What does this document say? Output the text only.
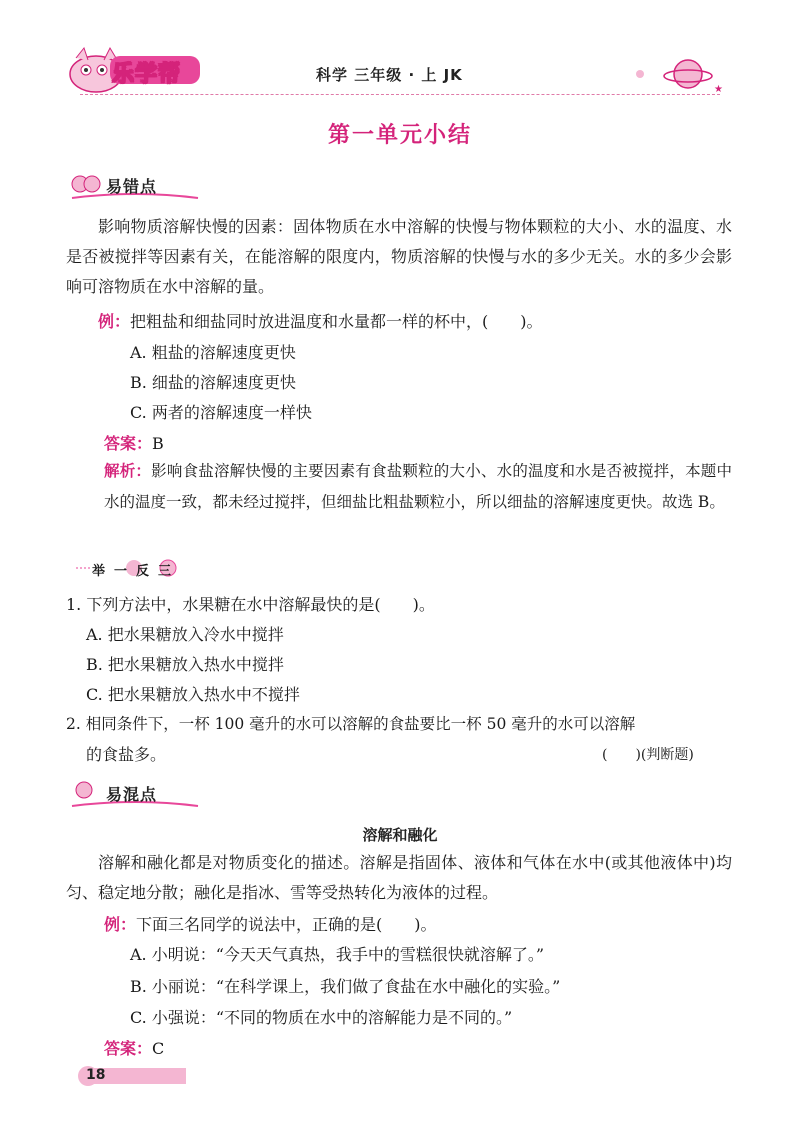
乐学帮	科学 三年级 · 上 JK
★
第一单元小结
易错点
影响物质溶解快慢的因素：固体物质在水中溶解的快慢与物体颗粒的大小、水的温度、水是否被搅拌等因素有关，在能溶解的限度内，物质溶解的快慢与水的多少无关。水的多少会影响可溶物质在水中溶解的量。
例：把粗盐和细盐同时放进温度和水量都一样的杯中，(　　)。
A. 粗盐的溶解速度更快
B. 细盐的溶解速度更快
C. 两者的溶解速度一样快
答案：B
解析：影响食盐溶解快慢的主要因素有食盐颗粒的大小、水的温度和水是否被搅拌，本题中水的温度一致，都未经过搅拌，但细盐比粗盐颗粒小，所以细盐的溶解速度更快。故选 B。
举一反三
1. 下列方法中，水果糖在水中溶解最快的是(　　)。
A. 把水果糖放入冷水中搅拌
B. 把水果糖放入热水中搅拌
C. 把水果糖放入热水中不搅拌
2. 相同条件下，一杯 100 毫升的水可以溶解的食盐要比一杯 50 毫升的水可以溶解
的食盐多。	(　　)(判断题)
易混点
溶解和融化
溶解和融化都是对物质变化的描述。溶解是指固体、液体和气体在水中(或其他液体中)均匀、稳定地分散；融化是指冰、雪等受热转化为液体的过程。
例：下面三名同学的说法中，正确的是(　　)。
A. 小明说：“今天天气真热，我手中的雪糕很快就溶解了。”
B. 小丽说：“在科学课上，我们做了食盐在水中融化的实验。”
C. 小强说：“不同的物质在水中的溶解能力是不同的。”
答案：C
18
